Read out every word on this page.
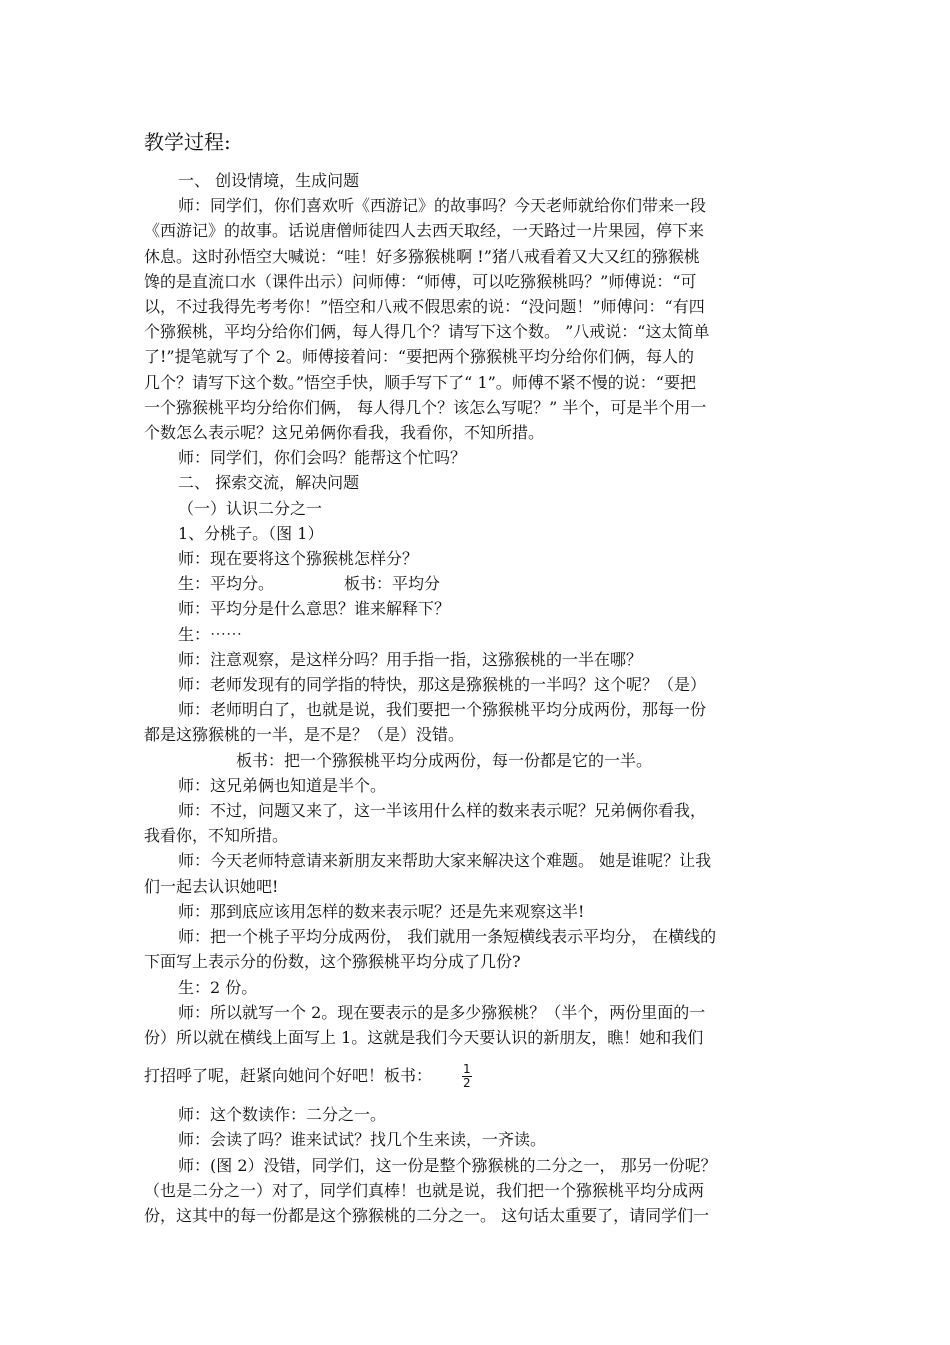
教学过程:

一、 创设情境，生成问题

师：同学们，你们喜欢听《西游记》的故事吗？今天老师就给你们带来一段

《西游记》的故事。话说唐僧师徒四人去西天取经，一天路过一片果园，停下来

休息。这时孙悟空大喊说：“哇！好多猕猴桃啊 !”猪八戒看着又大又红的猕猴桃

馋的是直流口水（课件出示）问师傅：“师傅，可以吃猕猴桃吗？”师傅说：“可

以，不过我得先考考你！”悟空和八戒不假思索的说：“没问题！”师傅问：“有四

个猕猴桃，平均分给你们俩，每人得几个？请写下这个数。 ”八戒说：“这太简单

了!”提笔就写了个 2。师傅接着问：“要把两个猕猴桃平均分给你们俩，每人的

几个？请写下这个数。”悟空手快，顺手写下了“ 1”。师傅不紧不慢的说：“要把

一个猕猴桃平均分给你们俩， 每人得几个？该怎么写呢？” 半个，可是半个用一

个数怎么表示呢？这兄弟俩你看我，我看你，不知所措。

师：同学们，你们会吗？能帮这个忙吗？

二、 探索交流，解决问题

（一）认识二分之一

1、分桃子。（图 1）

师：现在要将这个猕猴桃怎样分？

生：平均分。	板书：平均分

师：平均分是什么意思？谁来解释下？

生：⋯⋯

师：注意观察，是这样分吗？用手指一指，这猕猴桃的一半在哪？

师：老师发现有的同学指的特快，那这是猕猴桃的一半吗？这个呢？（是）

师：老师明白了，也就是说，我们要把一个猕猴桃平均分成两份，那每一份

都是这猕猴桃的一半，是不是？（是）没错。

板书：把一个猕猴桃平均分成两份，每一份都是它的一半。

师：这兄弟俩也知道是半个。

师：不过，问题又来了，这一半该用什么样的数来表示呢？兄弟俩你看我，

我看你，不知所措。

师：今天老师特意请来新朋友来帮助大家来解决这个难题。 她是谁呢？让我

们一起去认识她吧!

师：那到底应该用怎样的数来表示呢？还是先来观察这半!

师：把一个桃子平均分成两份， 我们就用一条短横线表示平均分， 在横线的

下面写上表示分的份数，这个猕猴桃平均分成了几份?

生：2 份。

师：所以就写一个 2。现在要表示的是多少猕猴桃？（半个，两份里面的一

份）所以就在横线上面写上 1。这就是我们今天要认识的新朋友，瞧！她和我们

打招呼了呢，赶紧向她问个好吧！板书：	$\frac{1}{2}$

师：这个数读作：二分之一。

师：会读了吗？谁来试试？找几个生来读，一齐读。

师：(图 2）没错，同学们，这一份是整个猕猴桃的二分之一， 那另一份呢？

（也是二分之一）对了，同学们真棒！也就是说，我们把一个猕猴桃平均分成两

份，这其中的每一份都是这个猕猴桃的二分之一。 这句话太重要了，请同学们一
